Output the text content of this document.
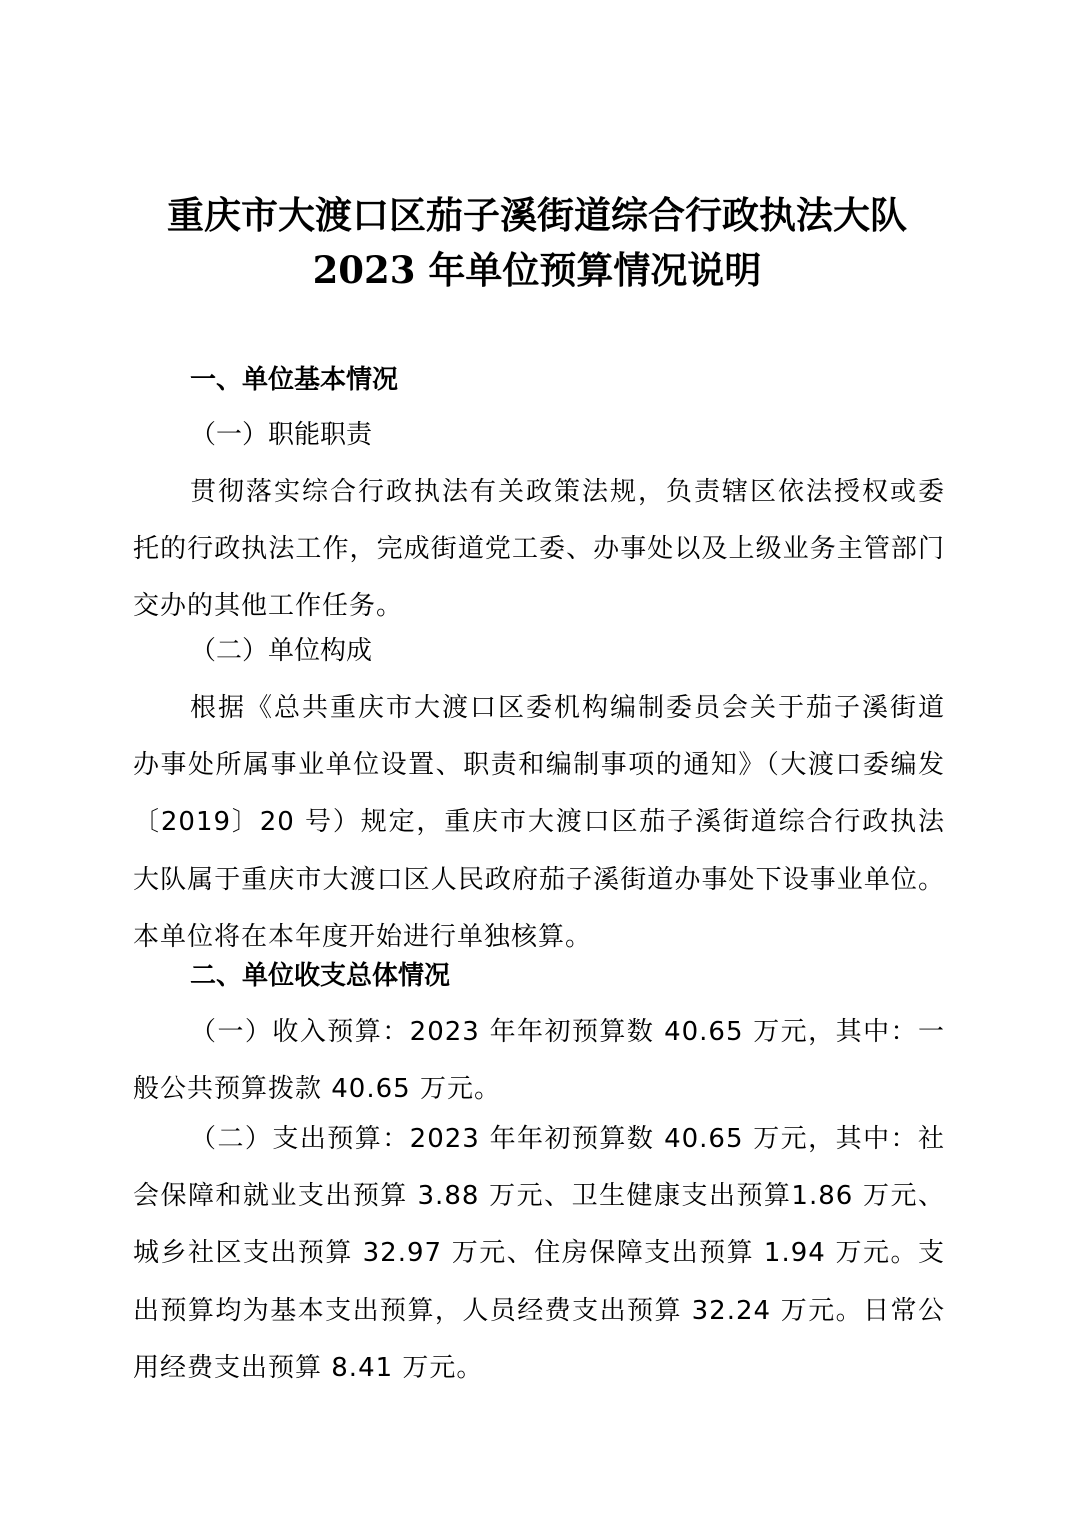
重庆市大渡口区茄子溪街道综合行政执法大队
2023 年单位预算情况说明
一、单位基本情况
（一）职能职责

贯彻落实综合行政执法有关政策法规，负责辖区依法授权或委托的行政执法工作，完成街道党工委、办事处以及上级业务主管部门交办的其他工作任务。

（二）单位构成

根据《总共重庆市大渡口区委机构编制委员会关于茄子溪街道办事处所属事业单位设置、职责和编制事项的通知》（大渡口委编发〔2019〕20 号）规定，重庆市大渡口区茄子溪街道综合行政执法大队属于重庆市大渡口区人民政府茄子溪街道办事处下设事业单位。本单位将在本年度开始进行单独核算。

二、单位收支总体情况

（一）收入预算：2023 年年初预算数 40.65 万元，其中：一般公共预算拨款 40.65 万元。

（二）支出预算：2023 年年初预算数 40.65 万元，其中：社会保障和就业支出预算 3.88 万元、卫生健康支出预算1.86 万元、城乡社区支出预算 32.97 万元、住房保障支出预算 1.94 万元。支出预算均为基本支出预算，人员经费支出预算 32.24 万元。日常公用经费支出预算 8.41 万元。
